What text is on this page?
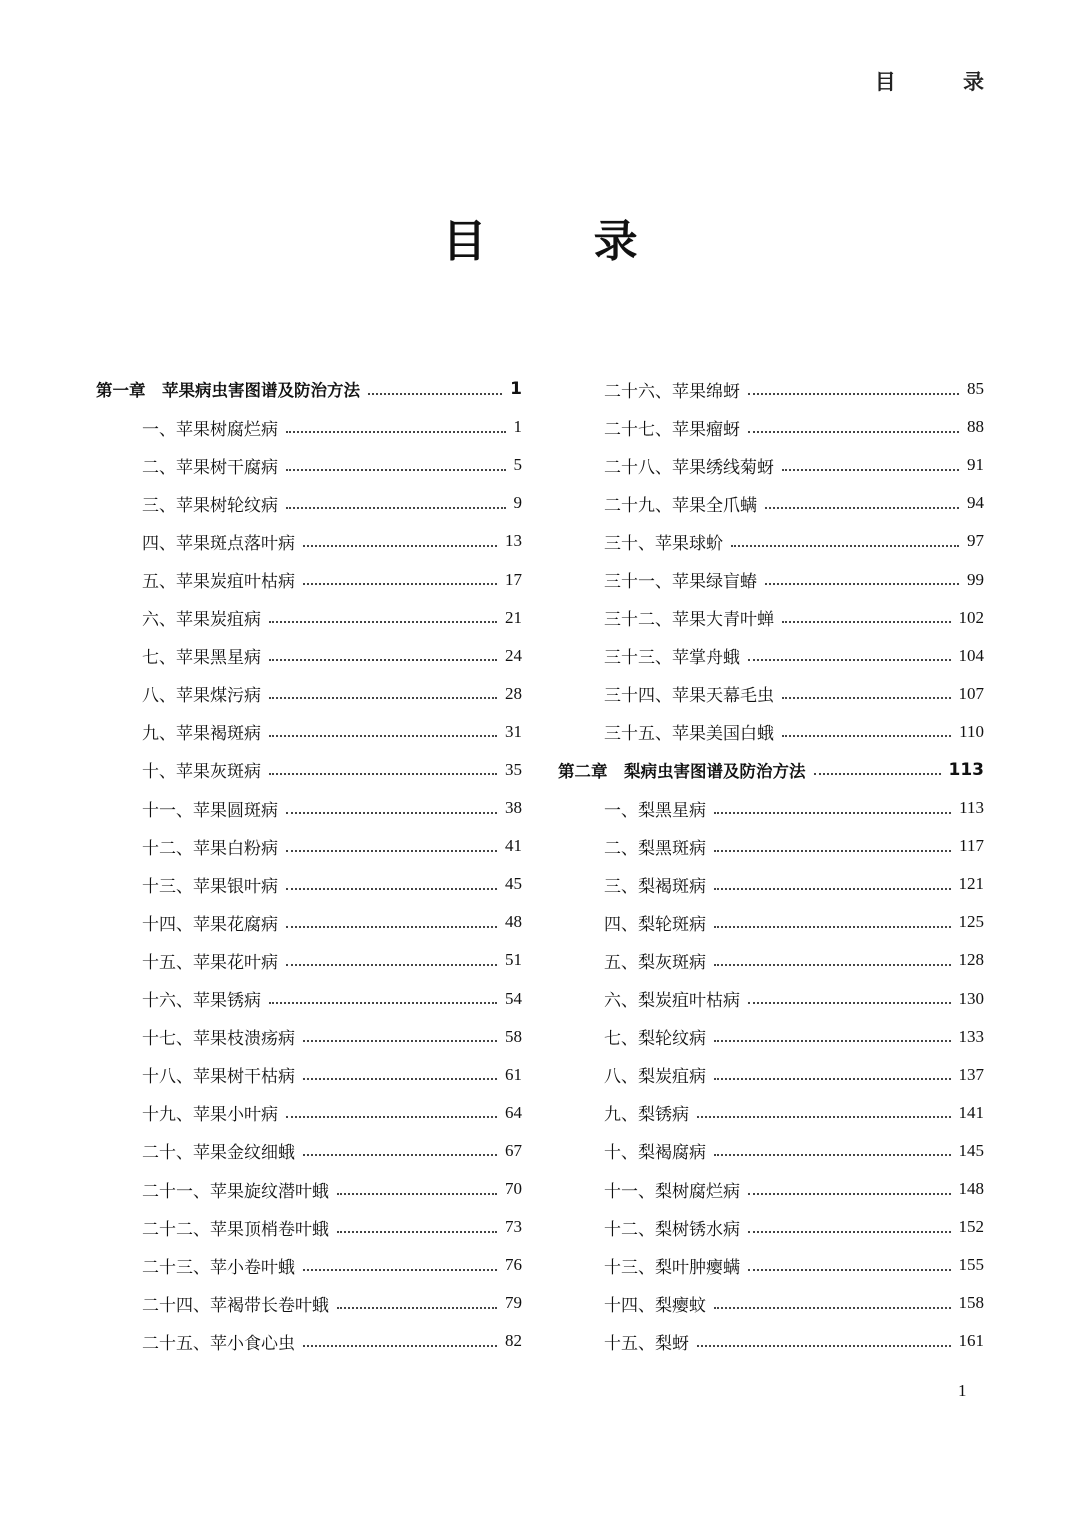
目 录
目 录
第一章　苹果病虫害图谱及防治方法	1
一、苹果树腐烂病	1
二、苹果树干腐病	5
三、苹果树轮纹病	9
四、苹果斑点落叶病	13
五、苹果炭疽叶枯病	17
六、苹果炭疽病	21
七、苹果黑星病	24
八、苹果煤污病	28
九、苹果褐斑病	31
十、苹果灰斑病	35
十一、苹果圆斑病	38
十二、苹果白粉病	41
十三、苹果银叶病	45
十四、苹果花腐病	48
十五、苹果花叶病	51
十六、苹果锈病	54
十七、苹果枝溃疡病	58
十八、苹果树干枯病	61
十九、苹果小叶病	64
二十、苹果金纹细蛾	67
二十一、苹果旋纹潜叶蛾	70
二十二、苹果顶梢卷叶蛾	73
二十三、苹小卷叶蛾	76
二十四、苹褐带长卷叶蛾	79
二十五、苹小食心虫	82
二十六、苹果绵蚜	85
二十七、苹果瘤蚜	88
二十八、苹果绣线菊蚜	91
二十九、苹果全爪螨	94
三十、苹果球蚧	97
三十一、苹果绿盲蝽	99
三十二、苹果大青叶蝉	102
三十三、苹掌舟蛾	104
三十四、苹果天幕毛虫	107
三十五、苹果美国白蛾	110
第二章　梨病虫害图谱及防治方法	113
一、梨黑星病	113
二、梨黑斑病	117
三、梨褐斑病	121
四、梨轮斑病	125
五、梨灰斑病	128
六、梨炭疽叶枯病	130
七、梨轮纹病	133
八、梨炭疽病	137
九、梨锈病	141
十、梨褐腐病	145
十一、梨树腐烂病	148
十二、梨树锈水病	152
十三、梨叶肿瘿螨	155
十四、梨瘿蚊	158
十五、梨蚜	161
1
